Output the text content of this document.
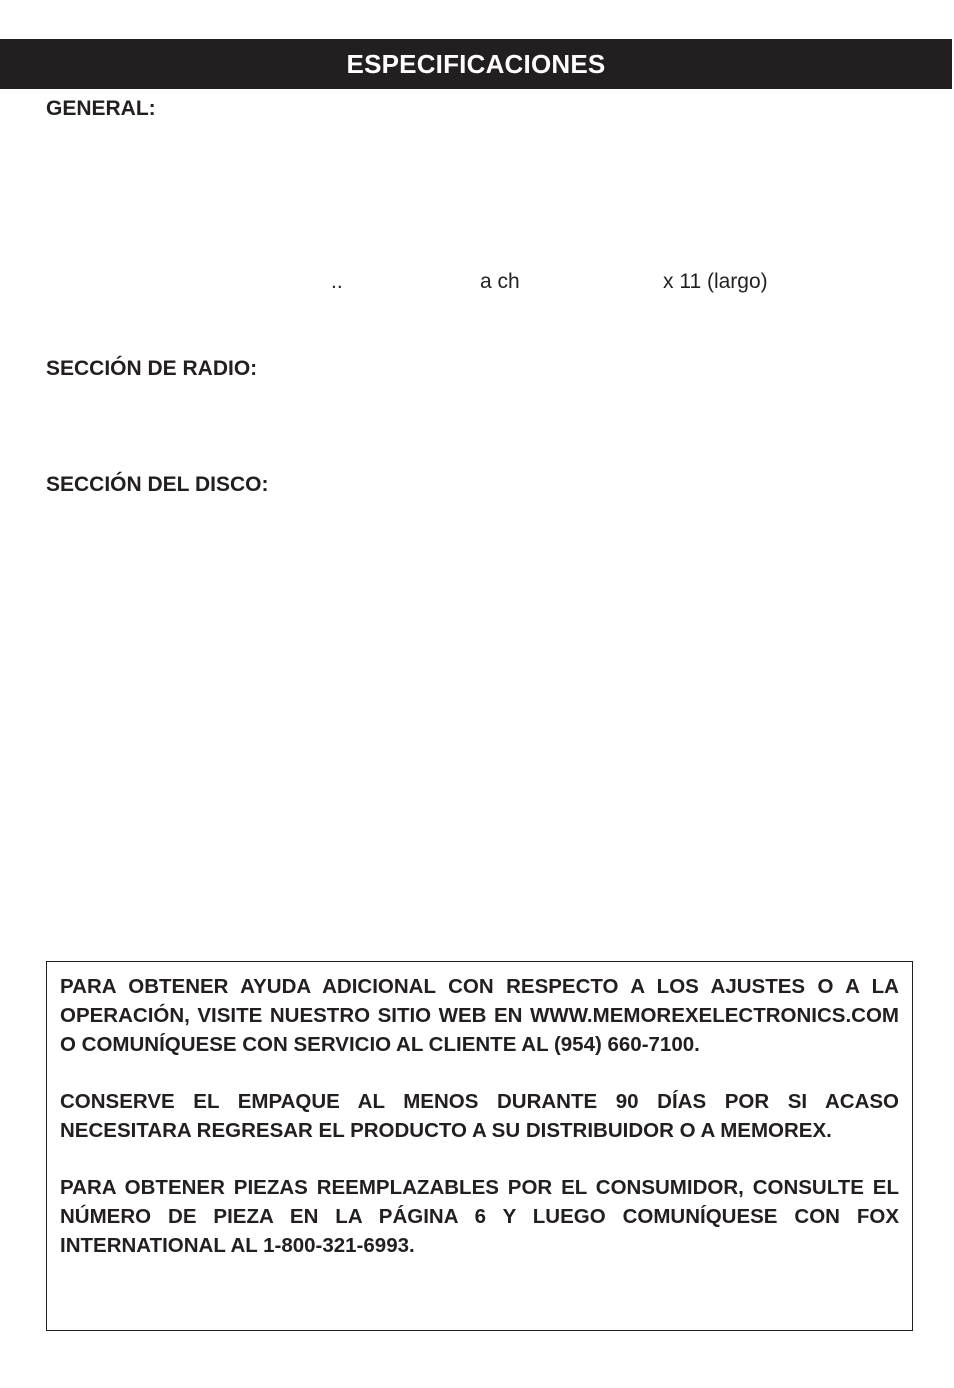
ESPECIFICACIONES
GENERAL:
..	a ch	x 11 (largo)
SECCIÓN DE RADIO:
SECCIÓN DEL DISCO:

PARA OBTENER AYUDA ADICIONAL CON RESPECTO A LOS AJUSTES O A LA OPERACIÓN, VISITE NUESTRO SITIO WEB EN WWW.MEMOREXELECTRONICS.COM O COMUNÍQUESE CON SERVICIO AL CLIENTE AL (954) 660-7100.

CONSERVE EL EMPAQUE AL MENOS DURANTE 90 DÍAS POR SI ACASO NECESITARA REGRESAR EL PRODUCTO A SU DISTRIBUIDOR O A MEMOREX.

PARA OBTENER PIEZAS REEMPLAZABLES POR EL CONSUMIDOR, CONSULTE EL NÚMERO DE PIEZA EN LA PÁGINA 6 Y LUEGO COMUNÍQUESE CON FOX INTERNATIONAL AL 1-800-321-6993.
